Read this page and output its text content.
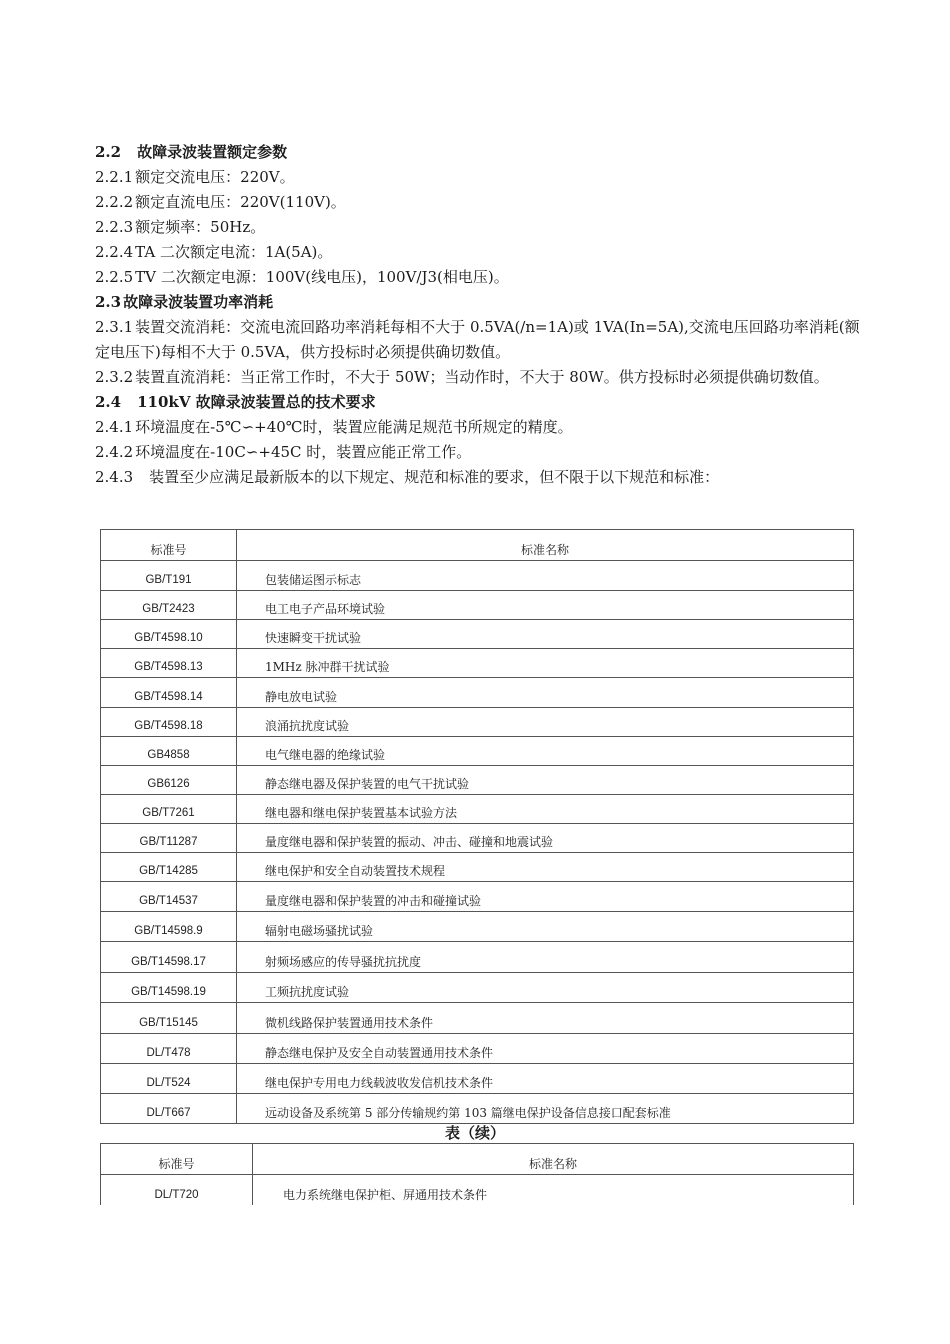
2.2 故障录波装置额定参数
2.2.1 额定交流电压：220V。
2.2.2 额定直流电压：220V(110V)。
2.2.3 额定频率：50Hz。
2.2.4 TA 二次额定电流：1A(5A)。
2.2.5 TV 二次额定电源：100V(线电压)，100V/J3(相电压)。
2.3 故障录波装置功率消耗
2.3.1 装置交流消耗：交流电流回路功率消耗每相不大于 0.5VA(/n=1A)或 1VA(In=5A),交流电压回路功率消耗(额定电压下)每相不大于 0.5VA，供方投标时必须提供确切数值。
2.3.2 装置直流消耗：当正常工作时，不大于 50W；当动作时，不大于 80W。供方投标时必须提供确切数值。
2.4 110kV 故障录波装置总的技术要求
2.4.1 环境温度在-5℃∽+40℃时，装置应能满足规范书所规定的精度。
2.4.2 环境温度在-10C∽+45C 时，装置应能正常工作。
2.4.3 装置至少应满足最新版本的以下规定、规范和标准的要求，但不限于以下规范和标准：
标准号	标准名称
GB/T191	包装储运图示标志
GB/T2423	电工电子产品环境试验
GB/T4598.10	快速瞬变干扰试验
GB/T4598.13	1MHz 脉冲群干扰试验
GB/T4598.14	静电放电试验
GB/T4598.18	浪涌抗扰度试验
GB4858	电气继电器的绝缘试验
GB6126	静态继电器及保护装置的电气干扰试验
GB/T7261	继电器和继电保护装置基本试验方法
GB/T11287	量度继电器和保护装置的振动、冲击、碰撞和地震试验
GB/T14285	继电保护和安全自动装置技术规程
GB/T14537	量度继电器和保护装置的冲击和碰撞试验
GB/T14598.9	辐射电磁场骚扰试验
GB/T14598.17	射频场感应的传导骚扰抗扰度
GB/T14598.19	工频抗扰度试验
GB/T15145	微机线路保护装置通用技术条件
DL/T478	静态继电保护及安全自动装置通用技术条件
DL/T524	继电保护专用电力线载波收发信机技术条件
DL/T667	远动设备及系统第 5 部分传输规约第 103 篇继电保护设备信息接口配套标准
表（续）
标准号	标准名称
DL/T720	电力系统继电保护柜、屏通用技术条件
